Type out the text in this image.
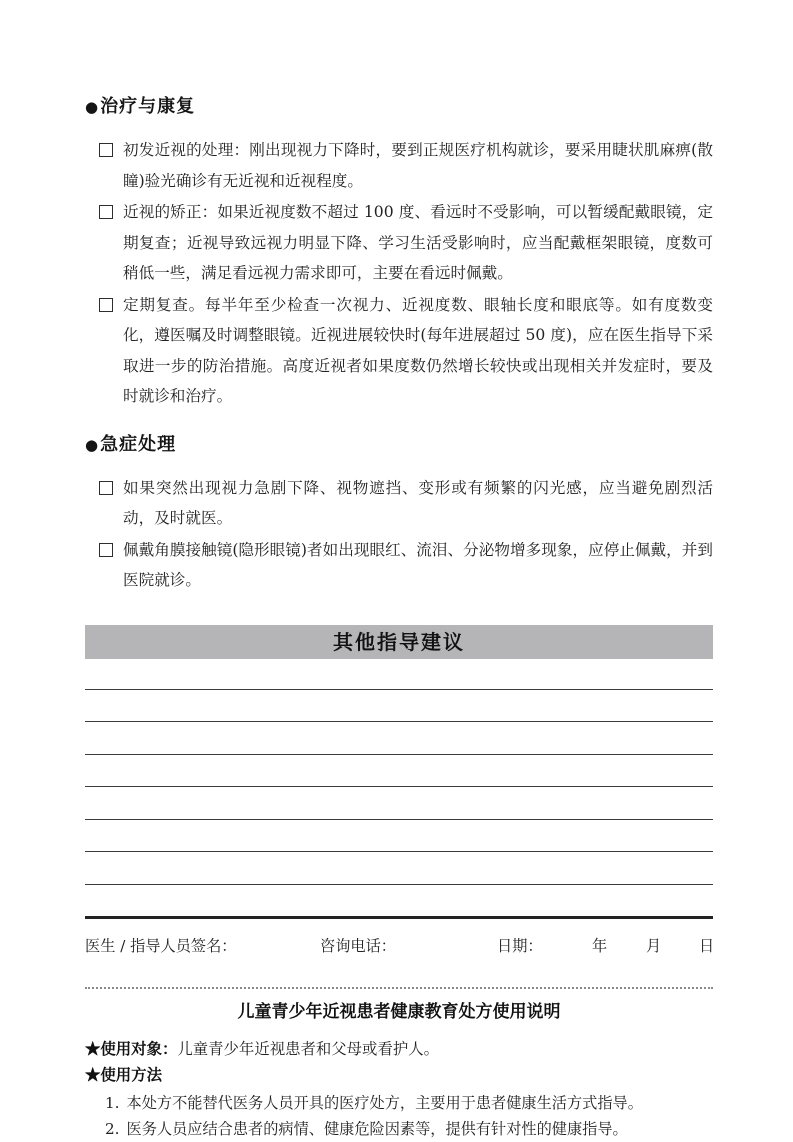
●治疗与康复
初发近视的处理：刚出现视力下降时，要到正规医疗机构就诊，要采用睫状肌麻痹(散瞳)验光确诊有无近视和近视程度。
近视的矫正：如果近视度数不超过 100 度、看远时不受影响，可以暂缓配戴眼镜，定期复查；近视导致远视力明显下降、学习生活受影响时，应当配戴框架眼镜，度数可稍低一些，满足看远视力需求即可，主要在看远时佩戴。
定期复查。每半年至少检查一次视力、近视度数、眼轴长度和眼底等。如有度数变化，遵医嘱及时调整眼镜。近视进展较快时(每年进展超过 50 度)，应在医生指导下采取进一步的防治措施。高度近视者如果度数仍然增长较快或出现相关并发症时，要及时就诊和治疗。
●急症处理
如果突然出现视力急剧下降、视物遮挡、变形或有频繁的闪光感，应当避免剧烈活动，及时就医。
佩戴角膜接触镜(隐形眼镜)者如出现眼红、流泪、分泌物增多现象，应停止佩戴，并到医院就诊。
其他指导建议
医生 / 指导人员签名：	咨询电话：	日期：	年	月 日
儿童青少年近视患者健康教育处方使用说明
★使用对象：儿童青少年近视患者和父母或看护人。
★使用方法
1. 本处方不能替代医务人员开具的医疗处方，主要用于患者健康生活方式指导。
2. 医务人员应结合患者的病情、健康危险因素等，提供有针对性的健康指导。
